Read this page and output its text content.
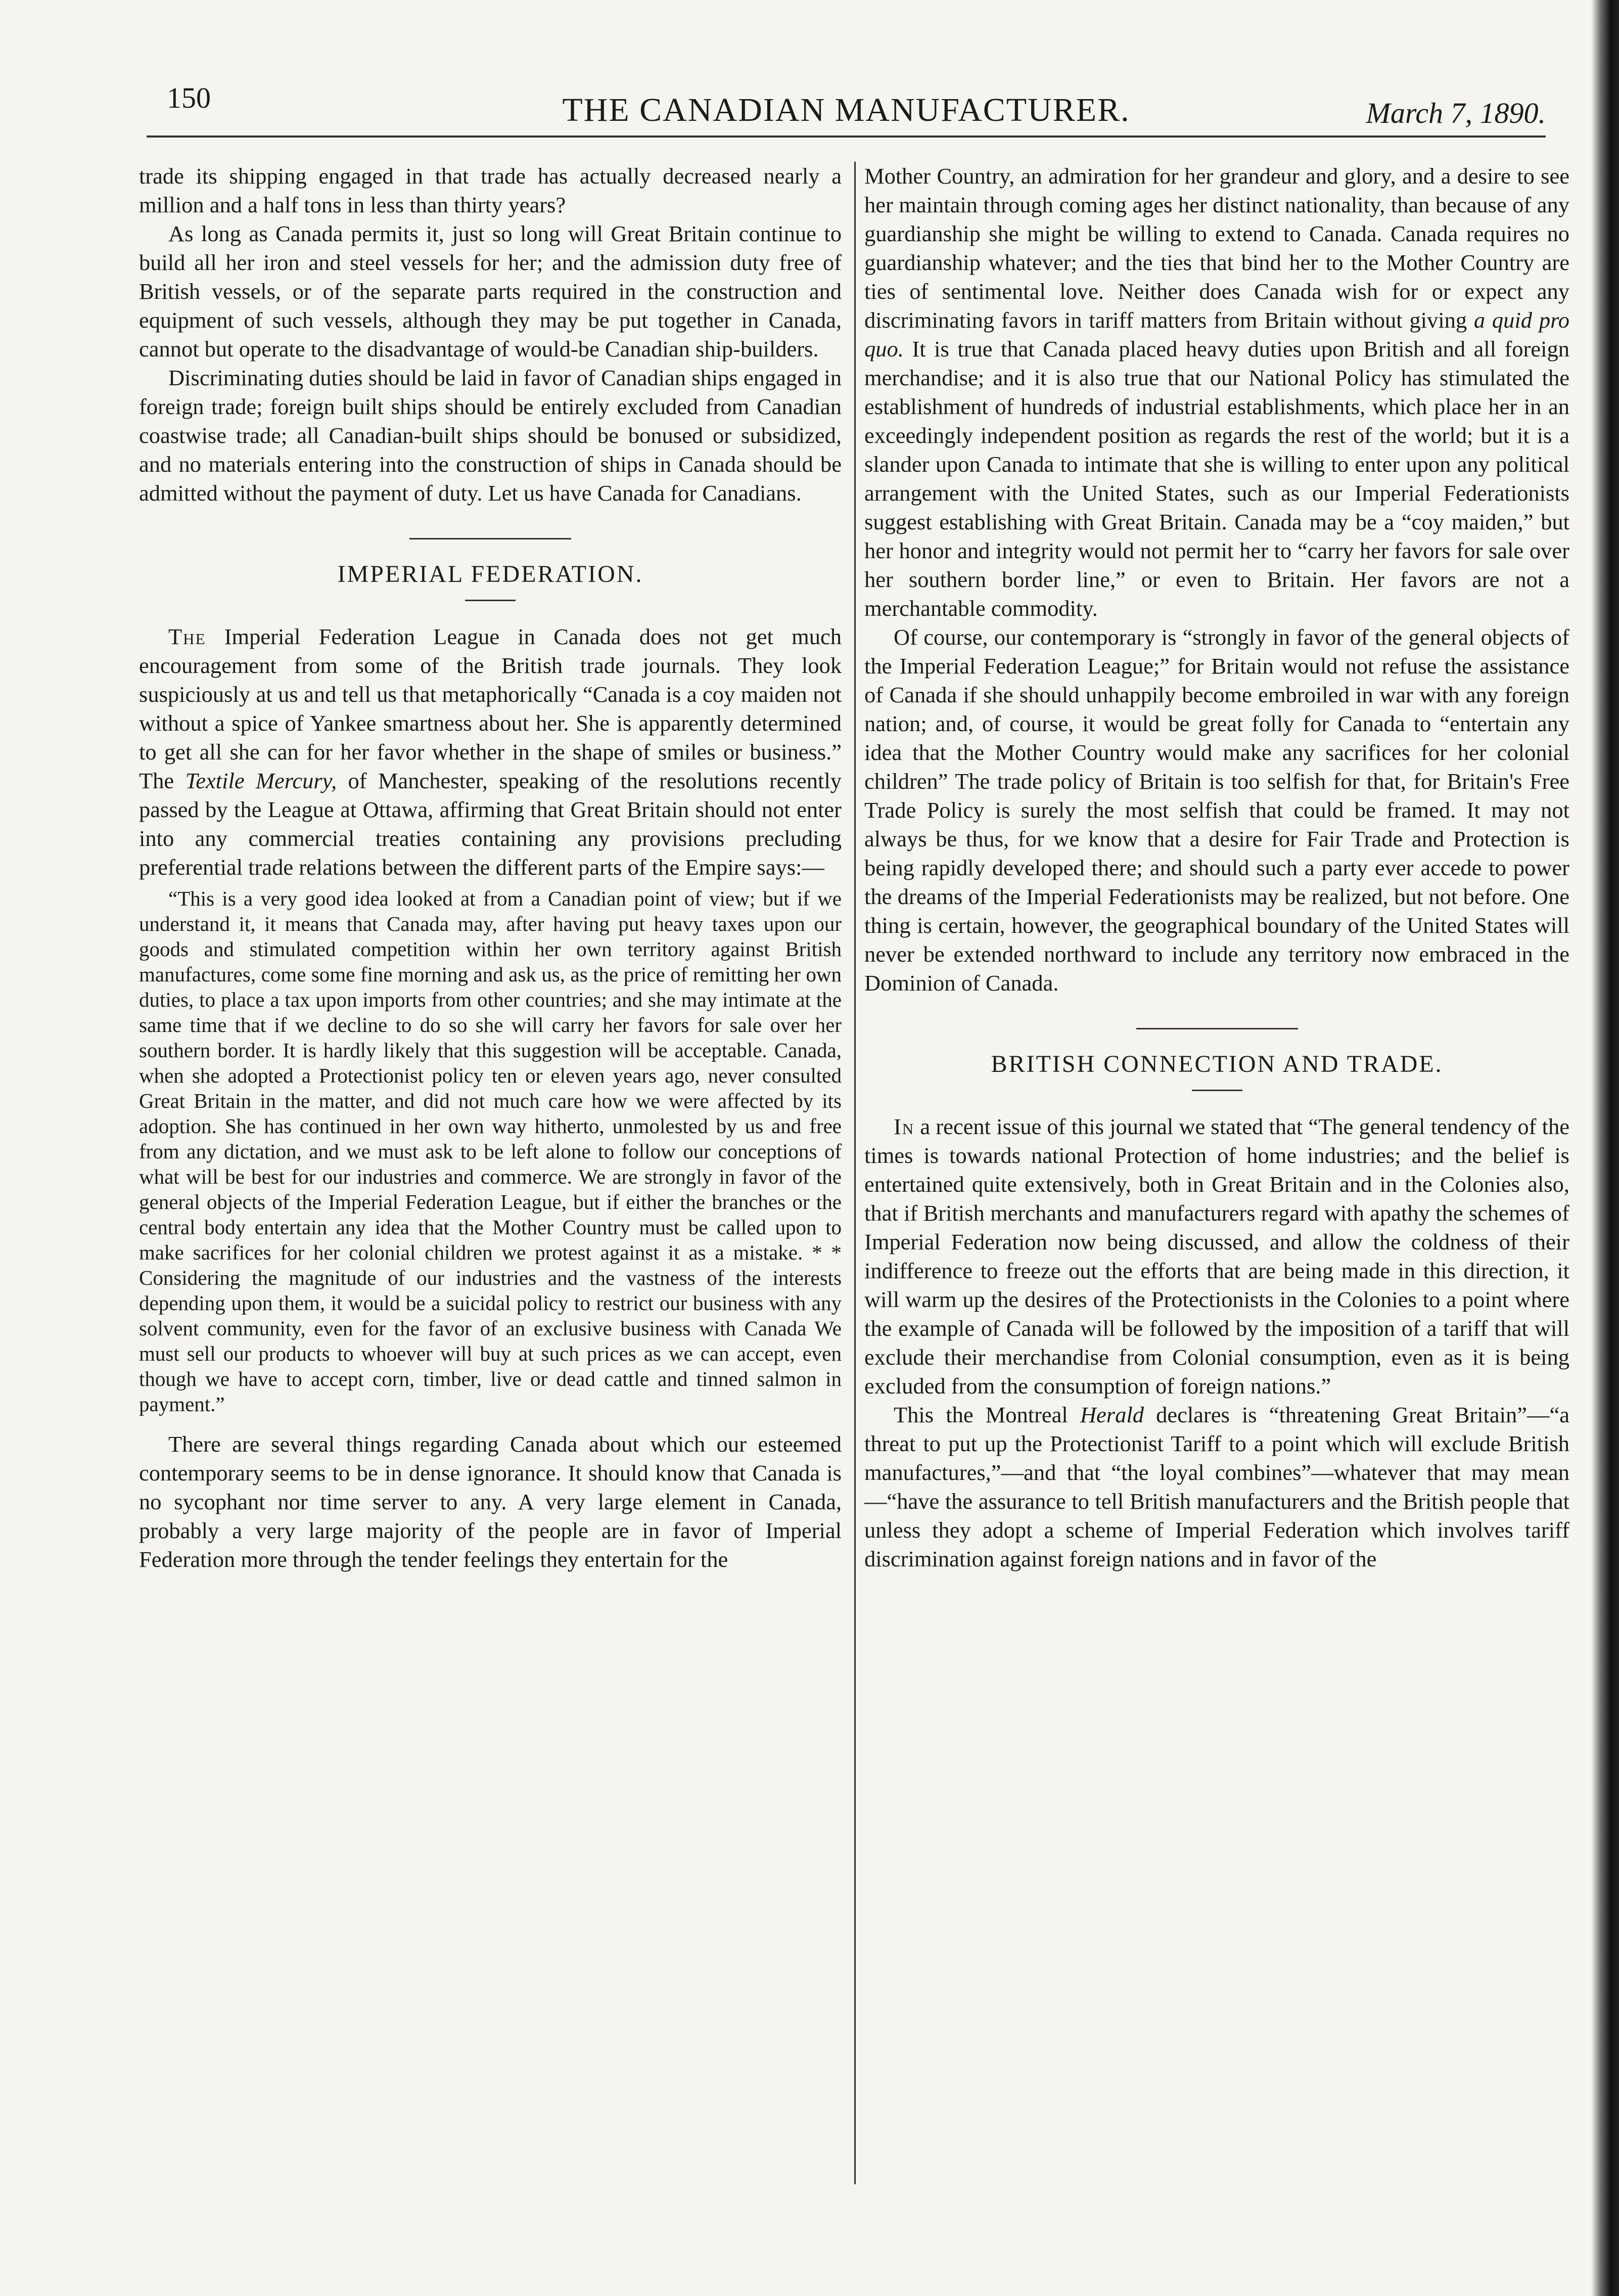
150	THE CANADIAN MANUFACTURER.	March 7, 1890.

trade its shipping engaged in that trade has actually decreased nearly a million and a half tons in less than thirty years?

As long as Canada permits it, just so long will Great Britain continue to build all her iron and steel vessels for her; and the admission duty free of British vessels, or of the separate parts required in the construction and equipment of such vessels, although they may be put together in Canada, cannot but operate to the disadvantage of would-be Canadian ship-builders.

Discriminating duties should be laid in favor of Canadian ships engaged in foreign trade; foreign built ships should be entirely excluded from Canadian coastwise trade; all Canadian-built ships should be bonused or subsidized, and no materials entering into the construction of ships in Canada should be admitted without the payment of duty. Let us have Canada for Canadians.

IMPERIAL FEDERATION.

The Imperial Federation League in Canada does not get much encouragement from some of the British trade journals. They look suspiciously at us and tell us that metaphorically “Canada is a coy maiden not without a spice of Yankee smartness about her. She is apparently determined to get all she can for her favor whether in the shape of smiles or business.” The Textile Mercury, of Manchester, speaking of the resolutions recently passed by the League at Ottawa, affirming that Great Britain should not enter into any commercial treaties containing any provisions precluding preferential trade relations between the different parts of the Empire says:—

“This is a very good idea looked at from a Canadian point of view; but if we understand it, it means that Canada may, after having put heavy taxes upon our goods and stimulated competition within her own territory against British manufactures, come some fine morning and ask us, as the price of remitting her own duties, to place a tax upon imports from other countries; and she may intimate at the same time that if we decline to do so she will carry her favors for sale over her southern border. It is hardly likely that this suggestion will be acceptable. Canada, when she adopted a Protectionist policy ten or eleven years ago, never consulted Great Britain in the matter, and did not much care how we were affected by its adoption. She has continued in her own way hitherto, unmolested by us and free from any dictation, and we must ask to be left alone to follow our conceptions of what will be best for our industries and commerce. We are strongly in favor of the general objects of the Imperial Federation League, but if either the branches or the central body entertain any idea that the Mother Country must be called upon to make sacrifices for her colonial children we protest against it as a mistake. * * Considering the magnitude of our industries and the vastness of the interests depending upon them, it would be a suicidal policy to restrict our business with any solvent community, even for the favor of an exclusive business with Canada We must sell our products to whoever will buy at such prices as we can accept, even though we have to accept corn, timber, live or dead cattle and tinned salmon in payment.”

There are several things regarding Canada about which our esteemed contemporary seems to be in dense ignorance. It should know that Canada is no sycophant nor time server to any. A very large element in Canada, probably a very large majority of the people are in favor of Imperial Federation more through the tender feelings they entertain for the

Mother Country, an admiration for her grandeur and glory, and a desire to see her maintain through coming ages her distinct nationality, than because of any guardianship she might be willing to extend to Canada. Canada requires no guardianship whatever; and the ties that bind her to the Mother Country are ties of sentimental love. Neither does Canada wish for or expect any discriminating favors in tariff matters from Britain without giving a quid pro quo. It is true that Canada placed heavy duties upon British and all foreign merchandise; and it is also true that our National Policy has stimulated the establishment of hundreds of industrial establishments, which place her in an exceedingly independent position as regards the rest of the world; but it is a slander upon Canada to intimate that she is willing to enter upon any political arrangement with the United States, such as our Imperial Federationists suggest establishing with Great Britain. Canada may be a “coy maiden,” but her honor and integrity would not permit her to “carry her favors for sale over her southern border line,” or even to Britain. Her favors are not a merchantable commodity.

Of course, our contemporary is “strongly in favor of the general objects of the Imperial Federation League;” for Britain would not refuse the assistance of Canada if she should unhappily become embroiled in war with any foreign nation; and, of course, it would be great folly for Canada to “entertain any idea that the Mother Country would make any sacrifices for her colonial children” The trade policy of Britain is too selfish for that, for Britain's Free Trade Policy is surely the most selfish that could be framed. It may not always be thus, for we know that a desire for Fair Trade and Protection is being rapidly developed there; and should such a party ever accede to power the dreams of the Imperial Federationists may be realized, but not before. One thing is certain, however, the geographical boundary of the United States will never be extended northward to include any territory now embraced in the Dominion of Canada.

BRITISH CONNECTION AND TRADE.

In a recent issue of this journal we stated that “The general tendency of the times is towards national Protection of home industries; and the belief is entertained quite extensively, both in Great Britain and in the Colonies also, that if British merchants and manufacturers regard with apathy the schemes of Imperial Federation now being discussed, and allow the coldness of their indifference to freeze out the efforts that are being made in this direction, it will warm up the desires of the Protectionists in the Colonies to a point where the example of Canada will be followed by the imposition of a tariff that will exclude their merchandise from Colonial consumption, even as it is being excluded from the consumption of foreign nations.”

This the Montreal Herald declares is “threatening Great Britain”—“a threat to put up the Protectionist Tariff to a point which will exclude British manufactures,”—and that “the loyal combines”—whatever that may mean—“have the assurance to tell British manufacturers and the British people that unless they adopt a scheme of Imperial Federation which involves tariff discrimination against foreign nations and in favor of the
